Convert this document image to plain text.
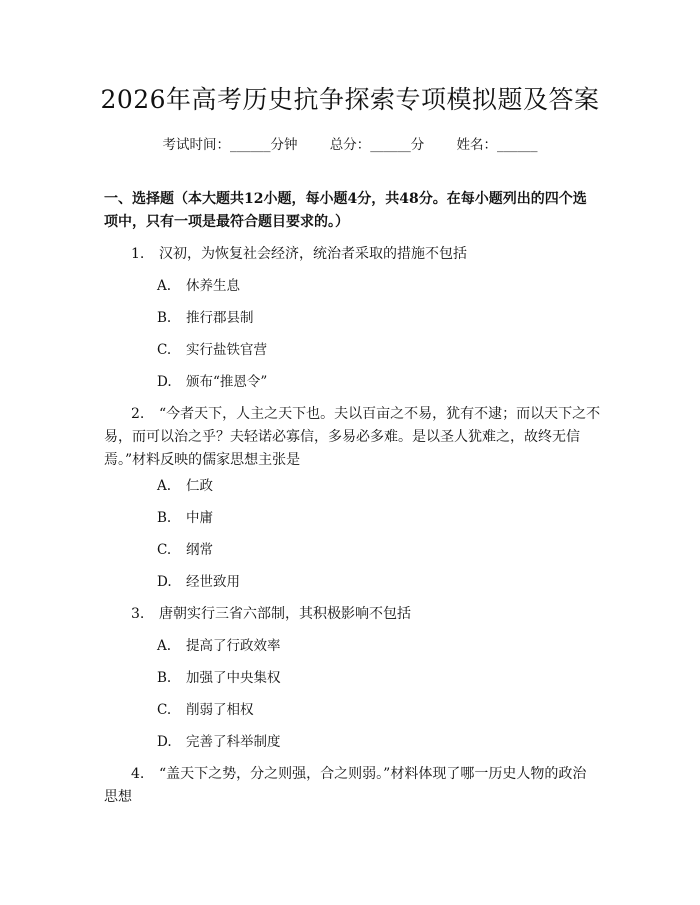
2026年高考历史抗争探索专项模拟题及答案
考试时间：______分钟 总分：______分 姓名：______
一、选择题（本大题共12小题，每小题4分，共48分。在每小题列出的四个选
项中，只有一项是最符合题目要求的。）
1. 汉初，为恢复社会经济，统治者采取的措施不包括
A. 休养生息
B. 推行郡县制
C. 实行盐铁官营
D. 颁布“推恩令”
2. “今者天下，人主之天下也。夫以百亩之不易，犹有不逮；而以天下之不
易，而可以治之乎？夫轻诺必寡信，多易必多难。是以圣人犹难之，故终无信
焉。”材料反映的儒家思想主张是
A. 仁政
B. 中庸
C. 纲常
D. 经世致用
3. 唐朝实行三省六部制，其积极影响不包括
A. 提高了行政效率
B. 加强了中央集权
C. 削弱了相权
D. 完善了科举制度
4. “盖天下之势，分之则强，合之则弱。”材料体现了哪一历史人物的政治
思想
